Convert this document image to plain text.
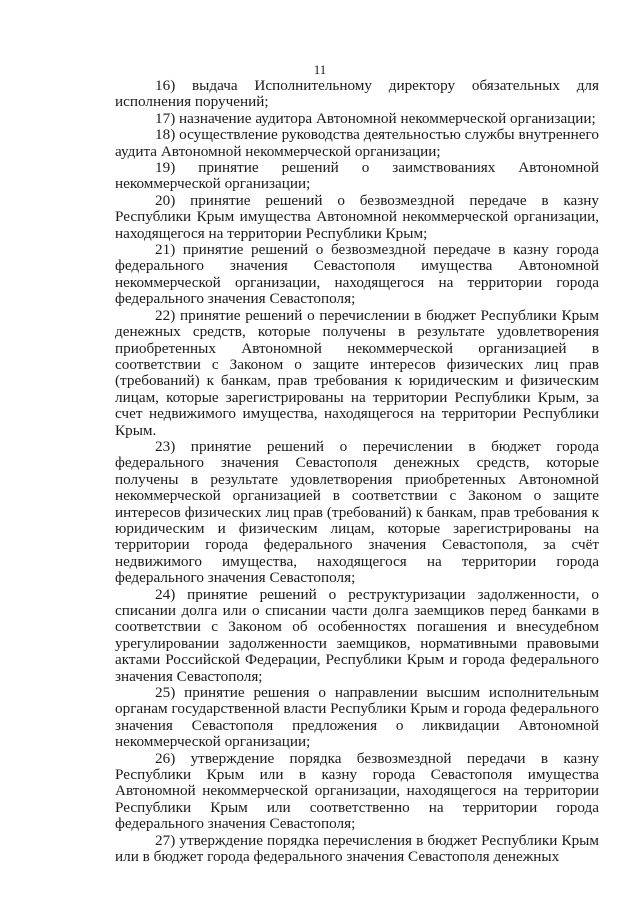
11

16) выдача Исполнительному директору обязательных для исполнения поручений;

17) назначение аудитора Автономной некоммерческой организации;

18) осуществление руководства деятельностью службы внутреннего аудита Автономной некоммерческой организации;

19) принятие решений о заимствованиях Автономной некоммерческой организации;

20) принятие решений о безвозмездной передаче в казну Республики Крым имущества Автономной некоммерческой организации, находящегося на территории Республики Крым;

21) принятие решений о безвозмездной передаче в казну города федерального значения Севастополя имущества Автономной некоммерческой организации, находящегося на территории города федерального значения Севастополя;

22) принятие решений о перечислении в бюджет Республики Крым денежных средств, которые получены в результате удовлетворения приобретенных Автономной некоммерческой организацией в соответствии с Законом о защите интересов физических лиц прав (требований) к банкам, прав требования к юридическим и физическим лицам, которые зарегистрированы на территории Республики Крым, за счет недвижимого имущества, находящегося на территории Республики Крым.

23) принятие решений о перечислении в бюджет города федерального значения Севастополя денежных средств, которые получены в результате удовлетворения приобретенных Автономной некоммерческой организацией в соответствии с Законом о защите интересов физических лиц прав (требований) к банкам, прав требования к юридическим и физическим лицам, которые зарегистрированы на территории города федерального значения Севастополя, за счёт недвижимого имущества, находящегося на территории города федерального значения Севастополя;

24) принятие решений о реструктуризации задолженности, о списании долга или о списании части долга заемщиков перед банками в соответствии с Законом об особенностях погашения и внесудебном урегулировании задолженности заемщиков, нормативными правовыми актами Российской Федерации, Республики Крым и города федерального значения Севастополя;

25) принятие решения о направлении высшим исполнительным органам государственной власти Республики Крым и города федерального значения Севастополя предложения о ликвидации Автономной некоммерческой организации;

26) утверждение порядка безвозмездной передачи в казну Республики Крым или в казну города Севастополя имущества Автономной некоммерческой организации, находящегося на территории Республики Крым или соответственно на территории города федерального значения Севастополя;

27) утверждение порядка перечисления в бюджет Республики Крым или в бюджет города федерального значения Севастополя денежных
